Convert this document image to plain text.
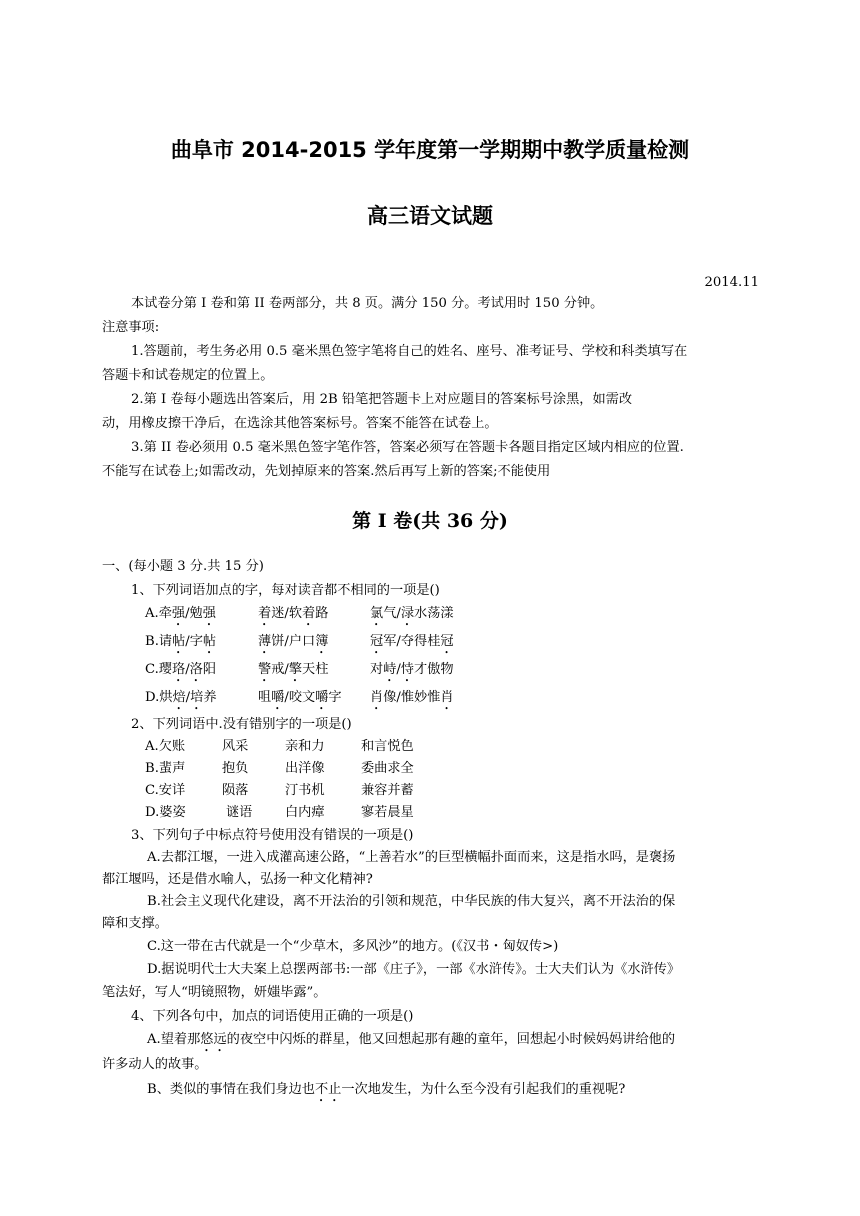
曲阜市 2014-2015 学年度第一学期期中教学质量检测
高三语文试题
2014.11
本试卷分第 I 卷和第 II 卷两部分，共 8 页。满分 150 分。考试用时 150 分钟。
注意事项:
1.答题前，考生务必用 0.5 毫米黑色签字笔将自己的姓名、座号、准考证号、学校和科类填写在
答题卡和试卷规定的位置上。
2.第 I 卷每小题选出答案后，用 2B 铅笔把答题卡上对应题目的答案标号涂黑，如需改
动，用橡皮擦干净后，在选涂其他答案标号。答案不能答在试卷上。
3.第 II 卷必须用 0.5 毫米黑色签字笔作答，答案必须写在答题卡各题目指定区域内相应的位置.
不能写在试卷上;如需改动，先划掉原来的答案.然后再写上新的答案;不能使用
第 I 卷(共 36 分)
一、(每小题 3 分.共 15 分)
1、下列词语加点的字，每对读音都不相同的一项是()
A.牵强/勉强	着迷/软着路	氯气/渌水荡漾
B.请帖/字帖	薄饼/户口簿	冠军/夺得桂冠
C.璎珞/洛阳	警戒/擎天柱	对峙/恃才傲物
D.烘焙/培养	咀嚼/咬文嚼字 肖像/惟妙惟肖
2、下列词语中.没有错别字的一项是()
A.欠账	风采	亲和力	和言悦色
B.蜚声	抱负	出洋像	委曲求全
C.安详	陨落	汀书机	兼容并蓄
D.婆姿	谜语 白内瘴	寥若晨星
3、下列句子中标点符号使用没有错误的一项是()
A.去都江堰，一进入成灌高速公路，“上善若水”的巨型横幅扑面而来，这是指水吗，是褒扬
都江堰吗，还是借水喻人，弘扬一种文化精神?
B.社会主义现代化建设，离不开法治的引领和规范，中华民族的伟大复兴，离不开法治的保
障和支撑。
C.这一带在古代就是一个“少草木，多风沙”的地方。(《汉书・匈奴传>)
D.据说明代士大夫案上总摆两部书:一部《庄子》，一部《水浒传》。士大夫们认为《水浒传》
笔法好，写人“明镜照物，妍媸毕露”。
4、下列各句中，加点的词语使用正确的一项是()
A.望着那悠远的夜空中闪烁的群星，他又回想起那有趣的童年，回想起小时候妈妈讲给他的
许多动人的故事。
B、类似的事情在我们身边也不止一次地发生，为什么至今没有引起我们的重视呢?
